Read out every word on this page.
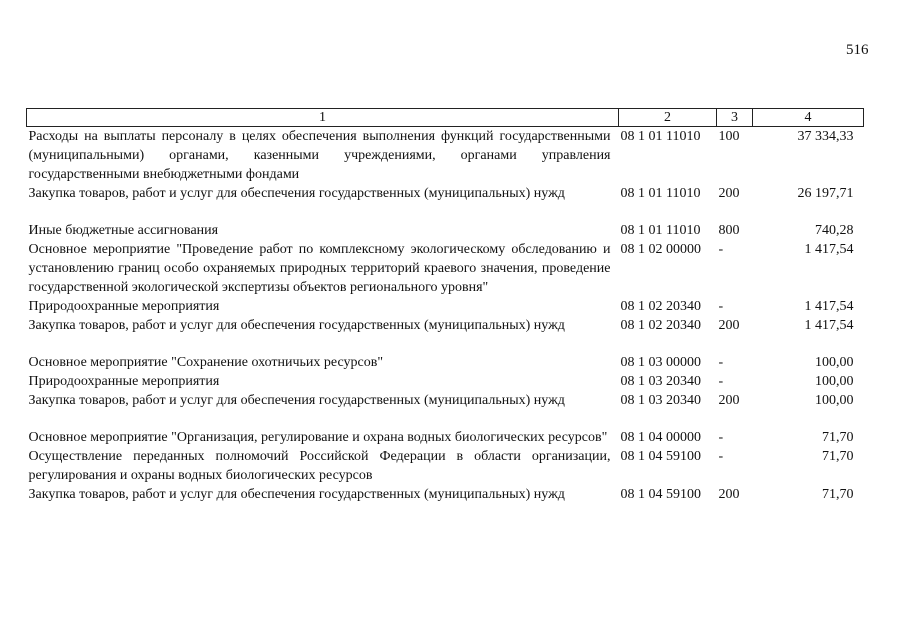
516
1	2	3	4
Расходы на выплаты персоналу в целях обеспечения выполнения функций государственными (муниципальными) органами, казенными учреждениями, органами управления государственными внебюджетными фондами	08 1 01 11010	100	37 334,33
Закупка товаров, работ и услуг для обеспечения государственных (муниципальных) нужд	08 1 01 11010	200	26 197,71

Иные бюджетные ассигнования	08 1 01 11010	800	740,28
Основное мероприятие "Проведение работ по комплексному экологическому обследованию и установлению границ особо охраняемых природных территорий краевого значения, проведение государственной экологической экспертизы объектов регионального уровня"	08 1 02 00000	-	1 417,54
Природоохранные мероприятия	08 1 02 20340	-	1 417,54
Закупка товаров, работ и услуг для обеспечения государственных (муниципальных) нужд	08 1 02 20340	200	1 417,54

Основное мероприятие "Сохранение охотничьих ресурсов"	08 1 03 00000	-	100,00
Природоохранные мероприятия	08 1 03 20340	-	100,00
Закупка товаров, работ и услуг для обеспечения государственных (муниципальных) нужд	08 1 03 20340	200	100,00

Основное мероприятие "Организация, регулирование и охрана водных биологических ресурсов"	08 1 04 00000	-	71,70
Осуществление переданных полномочий Российской Федерации в области организации, регулирования и охраны водных биологических ресурсов	08 1 04 59100	-	71,70
Закупка товаров, работ и услуг для обеспечения государственных (муниципальных) нужд	08 1 04 59100	200	71,70
